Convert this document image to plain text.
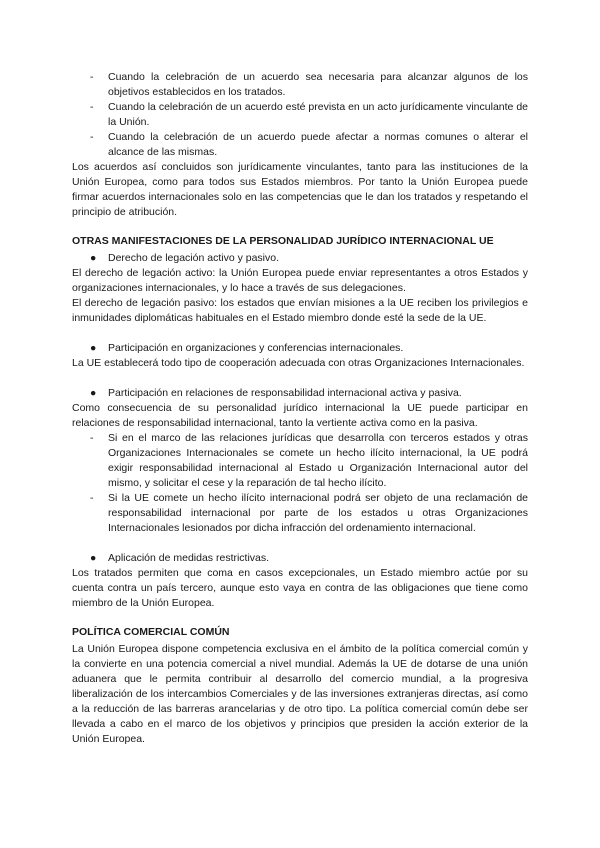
- Cuando la celebración de un acuerdo sea necesaria para alcanzar algunos de los objetivos establecidos en los tratados.
- Cuando la celebración de un acuerdo esté prevista en un acto jurídicamente vinculante de la Unión.
- Cuando la celebración de un acuerdo puede afectar a normas comunes o alterar el alcance de las mismas.

Los acuerdos así concluidos son jurídicamente vinculantes, tanto para las instituciones de la Unión Europea, como para todos sus Estados miembros. Por tanto la Unión Europea puede firmar acuerdos internacionales solo en las competencias que le dan los tratados y respetando el principio de atribución.

OTRAS MANIFESTACIONES DE LA PERSONALIDAD JURÍDICO INTERNACIONAL UE

● Derecho de legación activo y pasivo.

El derecho de legación activo: la Unión Europea puede enviar representantes a otros Estados y organizaciones internacionales, y lo hace a través de sus delegaciones.

El derecho de legación pasivo: los estados que envían misiones a la UE reciben los privilegios e inmunidades diplomáticas habituales en el Estado miembro donde esté la sede de la UE.

● Participación en organizaciones y conferencias internacionales.

La UE establecerá todo tipo de cooperación adecuada con otras Organizaciones Internacionales.

● Participación en relaciones de responsabilidad internacional activa y pasiva.

Como consecuencia de su personalidad jurídico internacional la UE puede participar en relaciones de responsabilidad internacional, tanto la vertiente activa como en la pasiva.

- Si en el marco de las relaciones jurídicas que desarrolla con terceros estados y otras Organizaciones Internacionales se comete un hecho ilícito internacional, la UE podrá exigir responsabilidad internacional al Estado u Organización Internacional autor del mismo, y solicitar el cese y la reparación de tal hecho ilícito.
- Si la UE comete un hecho ilícito internacional podrá ser objeto de una reclamación de responsabilidad internacional por parte de los estados u otras Organizaciones Internacionales lesionados por dicha infracción del ordenamiento internacional.
● Aplicación de medidas restrictivas.

Los tratados permiten que coma en casos excepcionales, un Estado miembro actúe por su cuenta contra un país tercero, aunque esto vaya en contra de las obligaciones que tiene como miembro de la Unión Europea.

POLÍTICA COMERCIAL COMÚN

La Unión Europea dispone competencia exclusiva en el ámbito de la política comercial común y la convierte en una potencia comercial a nivel mundial. Además la UE de dotarse de una unión aduanera que le permita contribuir al desarrollo del comercio mundial, a la progresiva liberalización de los intercambios Comerciales y de las inversiones extranjeras directas, así como a la reducción de las barreras arancelarias y de otro tipo. La política comercial común debe ser llevada a cabo en el marco de los objetivos y principios que presiden la acción exterior de la Unión Europea.
